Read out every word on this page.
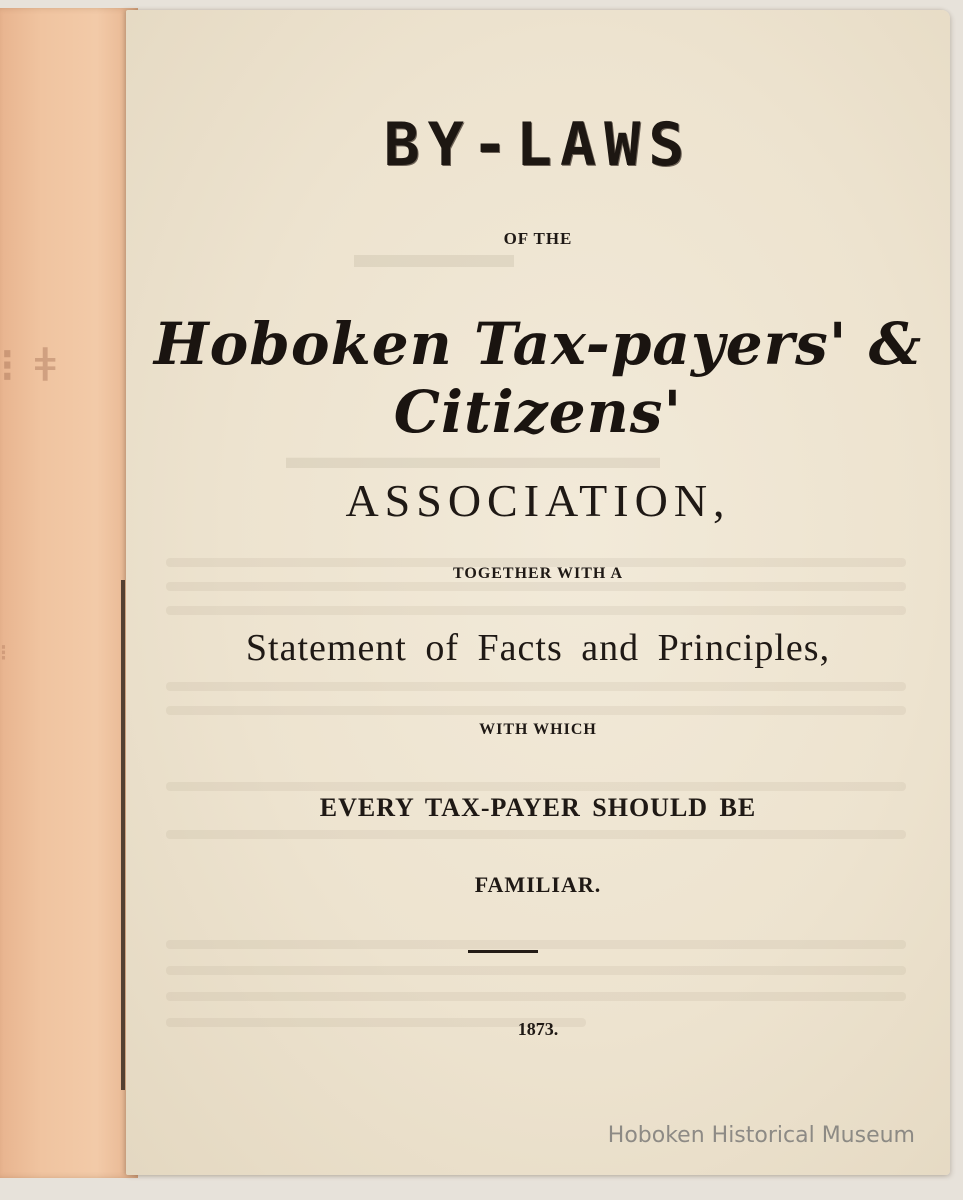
⁝ ǂ
⁝
▬▬▬▬
▬▬▬▬▬▬▬▬▬▬▬
BY-LAWS
OF THE
Hoboken Tax-payers' & Citizens'
ASSOCIATION,
TOGETHER WITH A
Statement of Facts and Principles,
WITH WHICH
EVERY TAX-PAYER SHOULD BE
FAMILIAR.
1873.
Hoboken Historical Museum
